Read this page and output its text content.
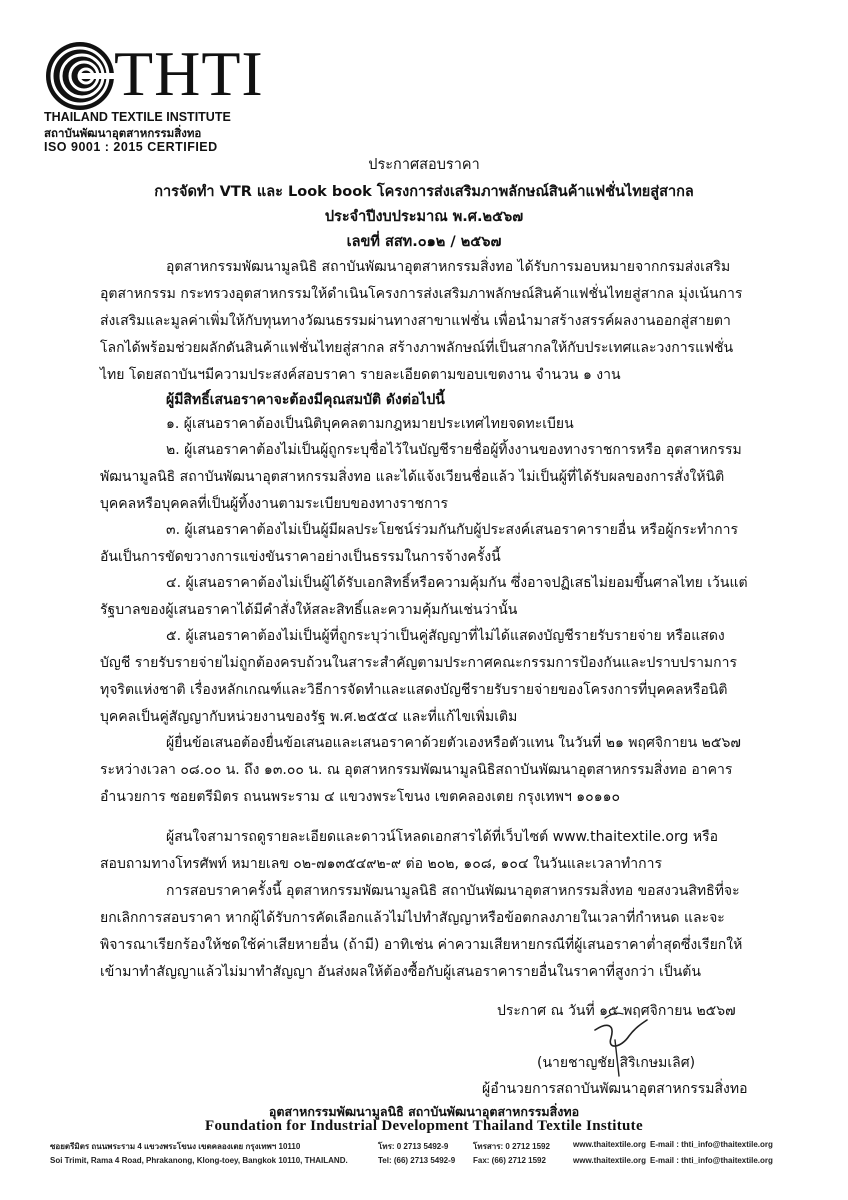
THTI
THAILAND TEXTILE INSTITUTE
สถาบันพัฒนาอุตสาหกรรมสิ่งทอ
ISO 9001 : 2015 CERTIFIED
ประกาศสอบราคา
การจัดทำ VTR และ Look book โครงการส่งเสริมภาพลักษณ์สินค้าแฟชั่นไทยสู่สากล
ประจำปีงบประมาณ พ.ศ.๒๕๖๗
เลขที่ สสท.๐๑๒ / ๒๕๖๗
อุตสาหกรรมพัฒนามูลนิธิ สถาบันพัฒนาอุตสาหกรรมสิ่งทอ ได้รับการมอบหมายจากกรมส่งเสริม
อุตสาหกรรม กระทรวงอุตสาหกรรมให้ดำเนินโครงการส่งเสริมภาพลักษณ์สินค้าแฟชั่นไทยสู่สากล มุ่งเน้นการ
ส่งเสริมและมูลค่าเพิ่มให้กับทุนทางวัฒนธรรมผ่านทางสาขาแฟชั่น เพื่อนำมาสร้างสรรค์ผลงานออกสู่สายตา
โลกได้พร้อมช่วยผลักดันสินค้าแฟชั่นไทยสู่สากล สร้างภาพลักษณ์ที่เป็นสากลให้กับประเทศและวงการแฟชั่น
ไทย โดยสถาบันฯมีความประสงค์สอบราคา รายละเอียดตามขอบเขตงาน จำนวน ๑ งาน
ผู้มีสิทธิ์เสนอราคาจะต้องมีคุณสมบัติ ดังต่อไปนี้
๑. ผู้เสนอราคาต้องเป็นนิติบุคคลตามกฎหมายประเทศไทยจดทะเบียน
๒. ผู้เสนอราคาต้องไม่เป็นผู้ถูกระบุชื่อไว้ในบัญชีรายชื่อผู้ทิ้งงานของทางราชการหรือ อุตสาหกรรม
พัฒนามูลนิธิ สถาบันพัฒนาอุตสาหกรรมสิ่งทอ และได้แจ้งเวียนชื่อแล้ว ไม่เป็นผู้ที่ได้รับผลของการสั่งให้นิติ
บุคคลหรือบุคคลที่เป็นผู้ทิ้งงานตามระเบียบของทางราชการ
๓. ผู้เสนอราคาต้องไม่เป็นผู้มีผลประโยชน์ร่วมกันกับผู้ประสงค์เสนอราคารายอื่น หรือผู้กระทำการ
อันเป็นการขัดขวางการแข่งขันราคาอย่างเป็นธรรมในการจ้างครั้งนี้
๔. ผู้เสนอราคาต้องไม่เป็นผู้ได้รับเอกสิทธิ์หรือความคุ้มกัน ซึ่งอาจปฏิเสธไม่ยอมขึ้นศาลไทย เว้นแต่
รัฐบาลของผู้เสนอราคาได้มีคำสั่งให้สละสิทธิ์และความคุ้มกันเช่นว่านั้น
๕. ผู้เสนอราคาต้องไม่เป็นผู้ที่ถูกระบุว่าเป็นคู่สัญญาที่ไม่ได้แสดงบัญชีรายรับรายจ่าย หรือแสดง
บัญชี รายรับรายจ่ายไม่ถูกต้องครบถ้วนในสาระสำคัญตามประกาศคณะกรรมการป้องกันและปราบปรามการ
ทุจริตแห่งชาติ เรื่องหลักเกณฑ์และวิธีการจัดทำและแสดงบัญชีรายรับรายจ่ายของโครงการที่บุคคลหรือนิติ
บุคคลเป็นคู่สัญญากับหน่วยงานของรัฐ พ.ศ.๒๕๕๔ และที่แก้ไขเพิ่มเติม
ผู้ยื่นข้อเสนอต้องยื่นข้อเสนอและเสนอราคาด้วยตัวเองหรือตัวแทน ในวันที่ ๒๑ พฤศจิกายน ๒๕๖๗
ระหว่างเวลา ๐๘.๐๐ น. ถึง ๑๓.๐๐ น. ณ อุตสาหกรรมพัฒนามูลนิธิสถาบันพัฒนาอุตสาหกรรมสิ่งทอ อาคาร
อำนวยการ ซอยตรีมิตร ถนนพระราม ๔ แขวงพระโขนง เขตคลองเตย กรุงเทพฯ ๑๐๑๑๐
ผู้สนใจสามารถดูรายละเอียดและดาวน์โหลดเอกสารได้ที่เว็บไซต์ www.thaitextile.org หรือ
สอบถามทางโทรศัพท์ หมายเลข ๐๒-๗๑๓๕๔๙๒-๙ ต่อ ๒๐๒, ๑๐๘, ๑๐๔ ในวันและเวลาทำการ
การสอบราคาครั้งนี้ อุตสาหกรรมพัฒนามูลนิธิ สถาบันพัฒนาอุตสาหกรรมสิ่งทอ ขอสงวนสิทธิที่จะ
ยกเลิกการสอบราคา หากผู้ได้รับการคัดเลือกแล้วไม่ไปทำสัญญาหรือข้อตกลงภายในเวลาที่กำหนด และจะ
พิจารณาเรียกร้องให้ชดใช้ค่าเสียหายอื่น (ถ้ามี) อาทิเช่น ค่าความเสียหายกรณีที่ผู้เสนอราคาต่ำสุดซึ่งเรียกให้
เข้ามาทำสัญญาแล้วไม่มาทำสัญญา อันส่งผลให้ต้องซื้อกับผู้เสนอราคารายอื่นในราคาที่สูงกว่า เป็นต้น
ประกาศ ณ วันที่ ๑๕ พฤศจิกายน ๒๕๖๗
(นายชาญชัย สิริเกษมเลิศ)
ผู้อำนวยการสถาบันพัฒนาอุตสาหกรรมสิ่งทอ
อุตสาหกรรมพัฒนามูลนิธิ สถาบันพัฒนาอุตสาหกรรมสิ่งทอ
Foundation for Industrial Development Thailand Textile Institute
ซอยตรีมิตร ถนนพระราม 4 แขวงพระโขนง เขตคลองเตย กรุงเทพฯ 10110	โทร: 0 2713 5492-9	โทรสาร: 0 2712 1592	www.thaitextile.org E-mail : thti_info@thaitextile.org
Soi Trimit, Rama 4 Road, Phrakanong, Klong-toey, Bangkok 10110, THAILAND.	Tel: (66) 2713 5492-9 Fax: (66) 2712 1592	www.thaitextile.org E-mail : thti_info@thaitextile.org
